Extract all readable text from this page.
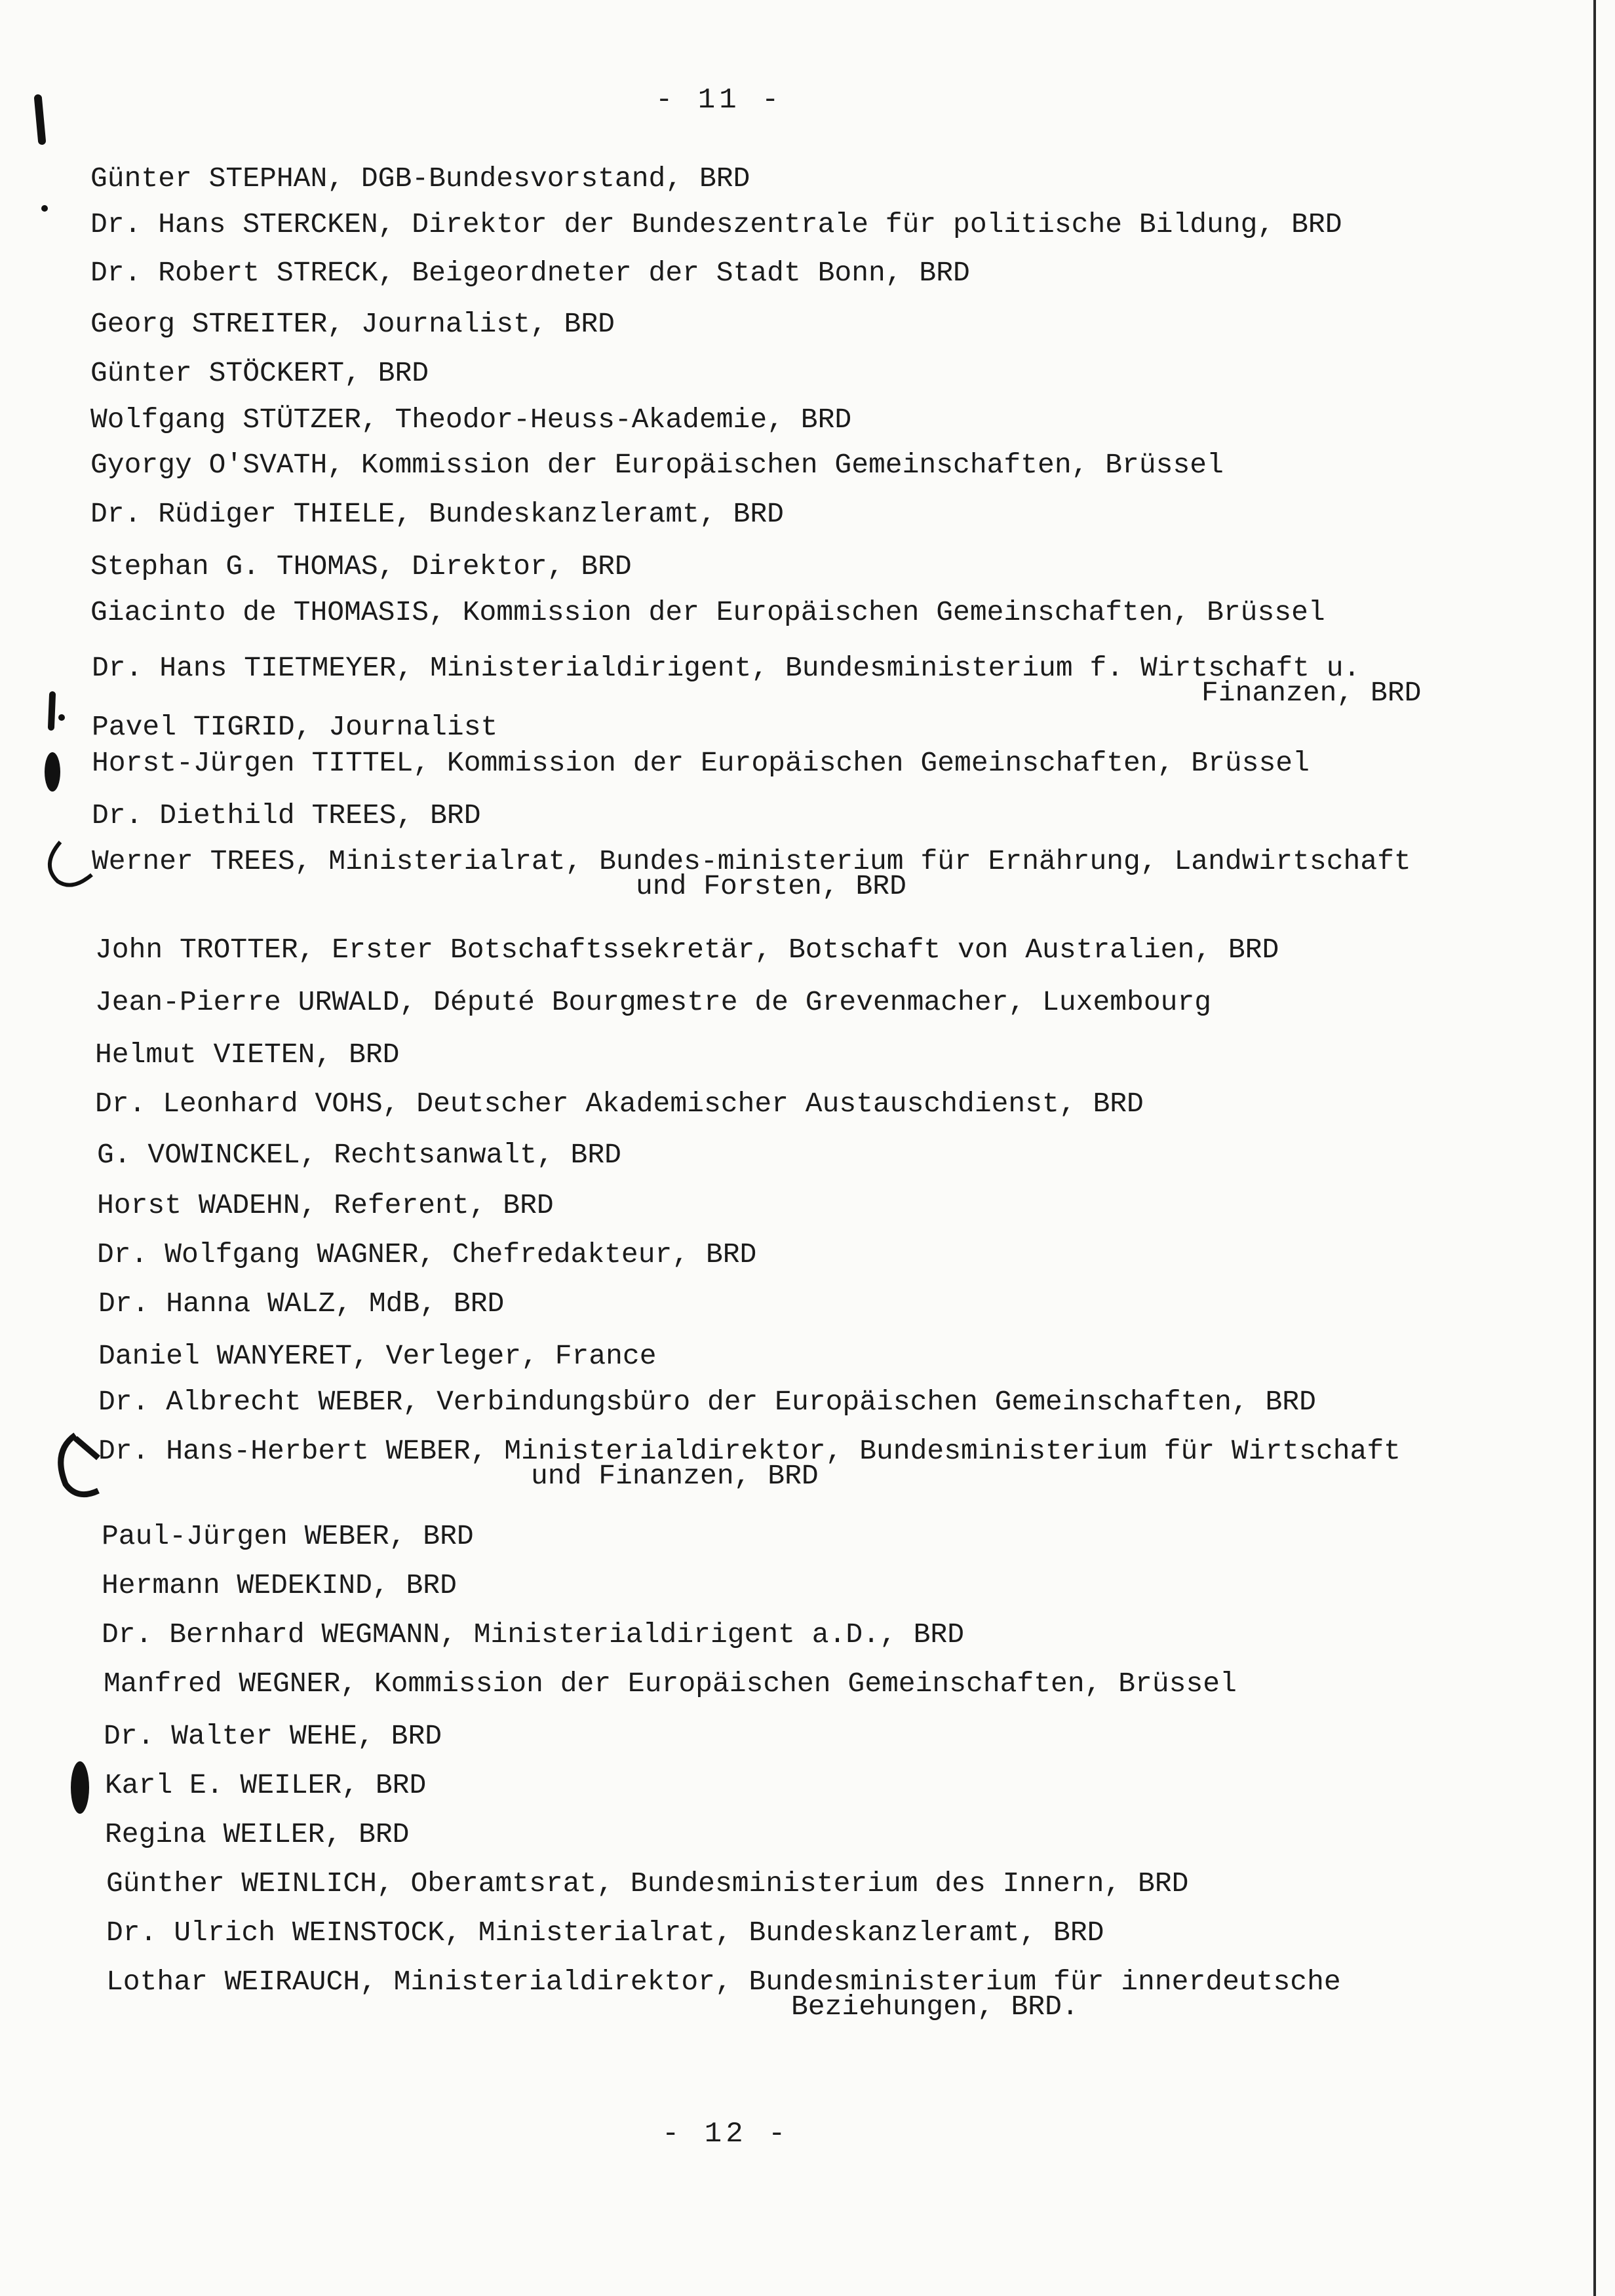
- 11 -
Günter STEPHAN, DGB-Bundesvorstand, BRD
Dr. Hans STERCKEN, Direktor der Bundeszentrale für politische Bildung, BRD
Dr. Robert STRECK, Beigeordneter der Stadt Bonn, BRD
Georg STREITER, Journalist, BRD
Günter STÖCKERT, BRD
Wolfgang STÜTZER, Theodor-Heuss-Akademie, BRD
Gyorgy O'SVATH, Kommission der Europäischen Gemeinschaften, Brüssel
Dr. Rüdiger THIELE, Bundeskanzleramt, BRD
Stephan G. THOMAS, Direktor, BRD
Giacinto de THOMASIS, Kommission der Europäischen Gemeinschaften, Brüssel
Dr. Hans TIETMEYER, Ministerialdirigent, Bundesministerium f. Wirtschaft u.
Finanzen, BRD
Pavel TIGRID, Journalist
Horst-Jürgen TITTEL, Kommission der Europäischen Gemeinschaften, Brüssel
Dr. Diethild TREES, BRD
Werner TREES, Ministerialrat, Bundes-ministerium für Ernährung, Landwirtschaft
und Forsten, BRD
John TROTTER, Erster Botschaftssekretär, Botschaft von Australien, BRD
Jean-Pierre URWALD, Député Bourgmestre de Grevenmacher, Luxembourg
Helmut VIETEN, BRD
Dr. Leonhard VOHS, Deutscher Akademischer Austauschdienst, BRD
G. VOWINCKEL, Rechtsanwalt, BRD
Horst WADEHN, Referent, BRD
Dr. Wolfgang WAGNER, Chefredakteur, BRD
Dr. Hanna WALZ, MdB, BRD
Daniel WANYERET, Verleger, France
Dr. Albrecht WEBER, Verbindungsbüro der Europäischen Gemeinschaften, BRD
Dr. Hans-Herbert WEBER, Ministerialdirektor, Bundesministerium für Wirtschaft
und Finanzen, BRD
Paul-Jürgen WEBER, BRD
Hermann WEDEKIND, BRD
Dr. Bernhard WEGMANN, Ministerialdirigent a.D., BRD
Manfred WEGNER, Kommission der Europäischen Gemeinschaften, Brüssel
Dr. Walter WEHE, BRD
Karl E. WEILER, BRD
Regina WEILER, BRD
Günther WEINLICH, Oberamtsrat, Bundesministerium des Innern, BRD
Dr. Ulrich WEINSTOCK, Ministerialrat, Bundeskanzleramt, BRD
Lothar WEIRAUCH, Ministerialdirektor, Bundesministerium für innerdeutsche
Beziehungen, BRD.
- 12 -
